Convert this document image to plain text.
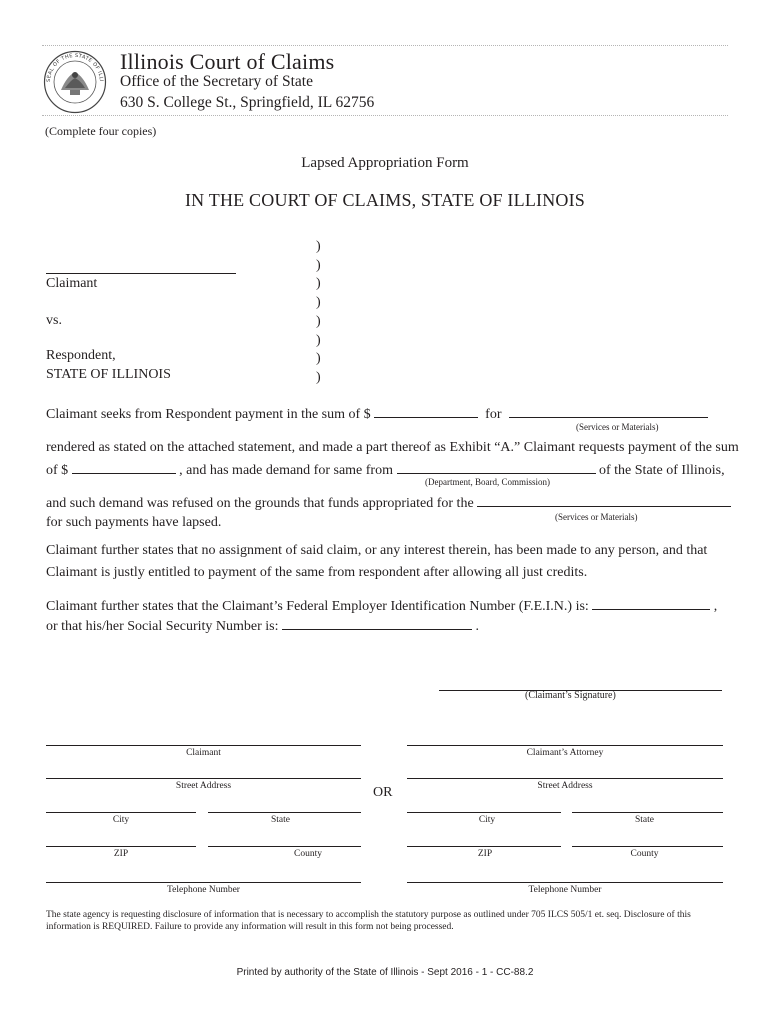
SEAL OF THE STATE OF ILLI
Illinois Court of Claims
Office of the Secretary of State
630 S. College St., Springfield, IL 62756
(Complete four copies)
Lapsed Appropriation Form
IN THE COURT OF CLAIMS, STATE OF ILLINOIS
)
)
)
)
)
)
)
)
Claimant
vs.
Respondent,
STATE OF ILLINOIS
Claimant seeks from Respondent payment in the sum of $	for
(Services or Materials)
rendered as stated on the attached statement, and made a part thereof as Exhibit “A.” Claimant requests payment of the sum
of $	, and has made demand for same from	of the State of Illinois,
(Department, Board, Commission)
and such demand was refused on the grounds that funds appropriated for the
(Services or Materials)
for such payments have lapsed.
Claimant further states that no assignment of said claim, or any interest therein, has been made to any person, and that
Claimant is justly entitled to payment of the same from respondent after allowing all just credits.
Claimant further states that the Claimant’s Federal Employer Identification Number (F.E.I.N.) is:	,
or that his/her Social Security Number is:	.
(Claimant’s Signature)
Claimant
Street Address
City	State
ZIP	County
Telephone Number
OR
Claimant’s Attorney
Street Address
City	State
ZIP	County
Telephone Number
The state agency is requesting disclosure of information that is necessary to accomplish the statutory purpose as outlined under 705 ILCS 505/1 et. seq. Disclosure of this information is REQUIRED. Failure to provide any information will result in this form not being processed.
Printed by authority of the State of Illinois - Sept 2016 - 1 - CC-88.2
